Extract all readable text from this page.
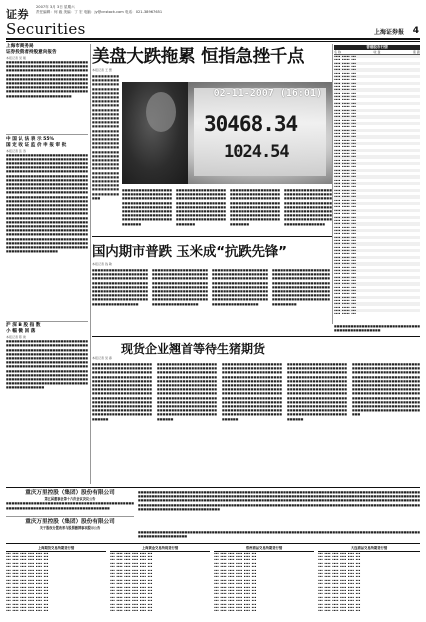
证券
2007年 3月 3日 星期六
责任编辑：何 毅 美编：丁 宏 电脑：jy@cnstock.com 电话：021-38967651
Securities	上海证券报 4
上海市商务局
证券投资者持股意向报告
本报记者 吴 刚
■■■■■■■■■■■■■■■■■■■■■■■■■■■■■■■■■■■■■■■■■■■■■■■■■■■■■■■■■■■■■■■■■■■■■■■■■■■■■■■■■■■■■■■■■■■■■■■■■■■■■■■■■■■■■■■■■■■■■■■■■■■■■■■■■■■■■■■■■■■■■■■■■■■■■■■■■■■■■■■■■■■■■■■■■■■■■■■■■■■■■■■■■■■■■■■■■■■■■■■■■■■■■■■■■■■■■■■■■■■■■■■■■■■■■■■■■■■■■■■■■■■■■■■■■■■■■■■■■■■■■■■■
中 国 认 法 表 示 55%
国 定 收 证 监 价 申 报 审 批
本报记者 张 涛
■■■■■■■■■■■■■■■■■■■■■■■■■■■■■■■■■■■■■■■■■■■■■■■■■■■■■■■■■■■■■■■■■■■■■■■■■■■■■■■■■■■■■■■■■■■■■■■■■■■■■■■■■■■■■■■■■■■■■■■■■■■■■■■■■■■■■■■■■■■■■■■■■■■■■■■■■■■■■■■■■■■■■■■■■■■■■■■■■■■■■■■■■■■■■■■■■■■■■■■■■■■■■■■■■■■■■■■■■■■■■■■■■■■■■■■■■■■■■■■■■■■■■■■■■■■■■■■■■■■■■■■■■■■■■■■■■■■■■■■■■■■■■■■■■■■■■■■■■■■■■■■■■■■■■■■■■■■■■■■■■■■■■■■■■■■■■■■■■■■■■■■■■■■■■■■■■■■■■■■■■■■■■■■■■■■■■■■■■■■■■■■■■■■■■■■■■■■■■■■■■■■■■■■■■■■■■■■■■■■■■■■■■■■■■■■■■■■■■■■■■■■■■■■■■■■■■■■■■■■■■■■■■■■■■■■■■■■■■■■■■■■■■■■■■■■■■■■■■■■■■■■■■■■■■■■■■■■■■■■■■■■■■■■■■■■■■■■■■■■■■■■■■■■■■■■■■■■■■■■■■■■■■■■■■■■■■■■■■■■■■■■■■■■■■■■■■■■■■■■■■■■■■■■■■■■■■■■■■■■■■■■■■■■■■■■■■■■■■■■■■■■■■■■■■■■■■■■■■■■■■■■■■■■■■■■■■■■■■■■■■■■■■■■■■■■■■■■■■■■■■■■■■■■■■
沪 深 B 股 指 数
小 幅 微 回 落
本报记者 陈 建
■■■■■■■■■■■■■■■■■■■■■■■■■■■■■■■■■■■■■■■■■■■■■■■■■■■■■■■■■■■■■■■■■■■■■■■■■■■■■■■■■■■■■■■■■■■■■■■■■■■■■■■■■■■■■■■■■■■■■■■■■■■■■■■■■■■■■■■■■■■■■■■■■■■■■■■■■■■■■■■■■■■■■■■■■■■■■■■■■■■■■■■■■■■■■■■■■■■■■■■■■■■■■■■■■■■■■■■■■■■■■■■■■■■■■■■■■■■■■■■■■■■■■■■■■■■■■■■■■■■■■■■■■■■■■■■■■■■■■■■■■■■■■■■■■■■■■■■■■■■■■■■■■■■■■■■■■■■■■■■■■■■■■■■■■■■■■■■■■■■■■■■■
美盘大跌拖累 恒指急挫千点
本报记者 王 慧
■■■■■■■■■■■■■■■■■■■■■■■■■■■■■■■■■■■■■■■■■■■■■■■■■■■■■■■■■■■■■■■■■■■■■■■■■■■■■■■■■■■■■■■■■■■■■■■■■■■■■■■■■■■■■■■■■■■■■■■■■■■■■■■■■■■■■■■■■■■■■■■■■■■■■■■■■■■■■■■■■■■■■■■■■■■■■■■■■■■■■■■■■■■■■■■■■■■■■■■■■■■■■■■■■■■■■■■■■■■■■■■■■■■■■■■■■■■■■■■■■■■■■■■■■■■■■■■■■■■■■■■■
02-11-2007 (16:01)
30468.34
1024.54
■■■■■■■■■■■■■■■■■■■■■■■■■■■■■■■■■■■■■■■■■■■■■■■■■■■■■■■■■■■■■■■■■■■■■■■■■■■■■■■■■■■■■■■■■■■■■■■■■■■■■■■■■■■■■■■■■■■■■■■■■■■■■■■■■■■■■■■■■■■■■■■■■■■■■■■
■■■■■■■■■■■■■■■■■■■■■■■■■■■■■■■■■■■■■■■■■■■■■■■■■■■■■■■■■■■■■■■■■■■■■■■■■■■■■■■■■■■■■■■■■■■■■■■■■■■■■■■■■■■■■■■■■■■■■■■■■■■■■■■■■■■■■■■■■■■■■■■■■■■■■■■
■■■■■■■■■■■■■■■■■■■■■■■■■■■■■■■■■■■■■■■■■■■■■■■■■■■■■■■■■■■■■■■■■■■■■■■■■■■■■■■■■■■■■■■■■■■■■■■■■■■■■■■■■■■■■■■■■■■■■■■■■■■■■■■■■■■■■■■■■■■■■■■■■■■■■■■
■■■■■■■■■■■■■■■■■■■■■■■■■■■■■■■■■■■■■■■■■■■■■■■■■■■■■■■■■■■■■■■■■■■■■■■■■■■■■■■■■■■■■■■■■■■■■■■■■■■■■■■■■■■■■■■■■■■■■■■■■■■■■■■■■■■■■■■■■■■■■■■■■■■■■■■
香港股市行情
名 称	收 盘	涨 跌
▪▪▪▪ ▪▪▪▪▪ ▪▪▪
▪▪▪▪ ▪▪▪▪▪ ▪▪▪
▪▪▪▪ ▪▪▪▪▪ ▪▪▪
▪▪▪▪ ▪▪▪▪▪ ▪▪▪
▪▪▪▪ ▪▪▪▪▪ ▪▪▪
▪▪▪▪ ▪▪▪▪▪ ▪▪▪
▪▪▪▪ ▪▪▪▪▪ ▪▪▪
▪▪▪▪ ▪▪▪▪▪ ▪▪▪
▪▪▪▪ ▪▪▪▪▪ ▪▪▪
▪▪▪▪ ▪▪▪▪▪ ▪▪▪
▪▪▪▪ ▪▪▪▪▪ ▪▪▪
▪▪▪▪ ▪▪▪▪▪ ▪▪▪
▪▪▪▪ ▪▪▪▪▪ ▪▪▪
▪▪▪▪ ▪▪▪▪▪ ▪▪▪
▪▪▪▪ ▪▪▪▪▪ ▪▪▪
▪▪▪▪ ▪▪▪▪▪ ▪▪▪
▪▪▪▪ ▪▪▪▪▪ ▪▪▪
▪▪▪▪ ▪▪▪▪▪ ▪▪▪
▪▪▪▪ ▪▪▪▪▪ ▪▪▪
▪▪▪▪ ▪▪▪▪▪ ▪▪▪
▪▪▪▪ ▪▪▪▪▪ ▪▪▪
▪▪▪▪ ▪▪▪▪▪ ▪▪▪
▪▪▪▪ ▪▪▪▪▪ ▪▪▪
▪▪▪▪ ▪▪▪▪▪ ▪▪▪
▪▪▪▪ ▪▪▪▪▪ ▪▪▪
▪▪▪▪ ▪▪▪▪▪ ▪▪▪
▪▪▪▪ ▪▪▪▪▪ ▪▪▪
▪▪▪▪ ▪▪▪▪▪ ▪▪▪
▪▪▪▪ ▪▪▪▪▪ ▪▪▪
▪▪▪▪ ▪▪▪▪▪ ▪▪▪
▪▪▪▪ ▪▪▪▪▪ ▪▪▪
▪▪▪▪ ▪▪▪▪▪ ▪▪▪
▪▪▪▪ ▪▪▪▪▪ ▪▪▪
▪▪▪▪ ▪▪▪▪▪ ▪▪▪
▪▪▪▪ ▪▪▪▪▪ ▪▪▪
▪▪▪▪ ▪▪▪▪▪ ▪▪▪
▪▪▪▪ ▪▪▪▪▪ ▪▪▪
▪▪▪▪ ▪▪▪▪▪ ▪▪▪
▪▪▪▪ ▪▪▪▪▪ ▪▪▪
▪▪▪▪ ▪▪▪▪▪ ▪▪▪
▪▪▪▪ ▪▪▪▪▪ ▪▪▪
▪▪▪▪ ▪▪▪▪▪ ▪▪▪
▪▪▪▪ ▪▪▪▪▪ ▪▪▪
▪▪▪▪ ▪▪▪▪▪ ▪▪▪
▪▪▪▪ ▪▪▪▪▪ ▪▪▪
▪▪▪▪ ▪▪▪▪▪ ▪▪▪
▪▪▪▪ ▪▪▪▪▪ ▪▪▪
▪▪▪▪ ▪▪▪▪▪ ▪▪▪
▪▪▪▪ ▪▪▪▪▪ ▪▪▪
▪▪▪▪ ▪▪▪▪▪ ▪▪▪
▪▪▪▪ ▪▪▪▪▪ ▪▪▪
▪▪▪▪ ▪▪▪▪▪ ▪▪▪
▪▪▪▪ ▪▪▪▪▪ ▪▪▪
▪▪▪▪ ▪▪▪▪▪ ▪▪▪
▪▪▪▪ ▪▪▪▪▪ ▪▪▪
▪▪▪▪ ▪▪▪▪▪ ▪▪▪
▪▪▪▪ ▪▪▪▪▪ ▪▪▪
▪▪▪▪ ▪▪▪▪▪ ▪▪▪
▪▪▪▪ ▪▪▪▪▪ ▪▪▪
▪▪▪▪ ▪▪▪▪▪ ▪▪▪
▪▪▪▪ ▪▪▪▪▪ ▪▪▪
▪▪▪▪ ▪▪▪▪▪ ▪▪▪
▪▪▪▪ ▪▪▪▪▪ ▪▪▪
▪▪▪▪ ▪▪▪▪▪ ▪▪▪
▪▪▪▪ ▪▪▪▪▪ ▪▪▪
▪▪▪▪ ▪▪▪▪▪ ▪▪▪
▪▪▪▪ ▪▪▪▪▪ ▪▪▪
▪▪▪▪ ▪▪▪▪▪ ▪▪▪
▪▪▪▪ ▪▪▪▪▪ ▪▪▪
▪▪▪▪ ▪▪▪▪▪ ▪▪▪
▪▪▪▪ ▪▪▪▪▪ ▪▪▪
▪▪▪▪ ▪▪▪▪▪ ▪▪▪
▪▪▪▪ ▪▪▪▪▪ ▪▪▪
▪▪▪▪ ▪▪▪▪▪ ▪▪▪
▪▪▪▪ ▪▪▪▪▪ ▪▪▪
▪▪▪▪ ▪▪▪▪▪ ▪▪▪
▪▪▪▪ ▪▪▪▪▪ ▪▪▪
▪▪▪▪ ▪▪▪▪▪ ▪▪▪
国内期市普跌 玉米成“抗跌先锋”
本报记者 钱 敏
■■■■■■■■■■■■■■■■■■■■■■■■■■■■■■■■■■■■■■■■■■■■■■■■■■■■■■■■■■■■■■■■■■■■■■■■■■■■■■■■■■■■■■■■■■■■■■■■■■■■■■■■■■■■■■■■■■■■■■■■■■■■■■■■■■■■■■■■■■■■■■■■■■■■■■■■■■■■■■■■■■■■■■■■■■■■■■■■■
■■■■■■■■■■■■■■■■■■■■■■■■■■■■■■■■■■■■■■■■■■■■■■■■■■■■■■■■■■■■■■■■■■■■■■■■■■■■■■■■■■■■■■■■■■■■■■■■■■■■■■■■■■■■■■■■■■■■■■■■■■■■■■■■■■■■■■■■■■■■■■■■■■■■■■■■■■■■■■■■■■■■■■■■■■■■■■■■■
■■■■■■■■■■■■■■■■■■■■■■■■■■■■■■■■■■■■■■■■■■■■■■■■■■■■■■■■■■■■■■■■■■■■■■■■■■■■■■■■■■■■■■■■■■■■■■■■■■■■■■■■■■■■■■■■■■■■■■■■■■■■■■■■■■■■■■■■■■■■■■■■■■■■■■■■■■■■■■■■■■■■■■■■■■■■■■■■■
■■■■■■■■■■■■■■■■■■■■■■■■■■■■■■■■■■■■■■■■■■■■■■■■■■■■■■■■■■■■■■■■■■■■■■■■■■■■■■■■■■■■■■■■■■■■■■■■■■■■■■■■■■■■■■■■■■■■■■■■■■■■■■■■■■■■■■■■■■■■■■■■■■■■■■■■■■■■■■■■■■■■■■■■■■■■■■■■■
■■■■■■■■■■■■■■■■■■■■■■■■■■■■■■■■■■■■■■■■■■■■■■■■
现货企业翘首等待生猪期货
本报记者 吴 春
■■■■■■■■■■■■■■■■■■■■■■■■■■■■■■■■■■■■■■■■■■■■■■■■■■■■■■■■■■■■■■■■■■■■■■■■■■■■■■■■■■■■■■■■■■■■■■■■■■■■■■■■■■■■■■■■■■■■■■■■■■■■■■■■■■■■■■■■■■■■■■■■■■■■■■■■■■■■■■■■■■■■■■■■■■■■■■■■■■■■■■■■■■■■■■■■■■■■■■■■■■■■■■■■■■■■■■■■■■■■■■■■■■■■■■■■■■■■■■■■■■■■■■■■■■■■■■■■■■■■■■■■■■■■■■■■■■■■■■■
■■■■■■■■■■■■■■■■■■■■■■■■■■■■■■■■■■■■■■■■■■■■■■■■■■■■■■■■■■■■■■■■■■■■■■■■■■■■■■■■■■■■■■■■■■■■■■■■■■■■■■■■■■■■■■■■■■■■■■■■■■■■■■■■■■■■■■■■■■■■■■■■■■■■■■■■■■■■■■■■■■■■■■■■■■■■■■■■■■■■■■■■■■■■■■■■■■■■■■■■■■■■■■■■■■■■■■■■■■■■■■■■■■■■■■■■■■■■■■■■■■■■■■■■■■■■■■■■■■■■■■■■■■■■■■■■■■■■■■■
■■■■■■■■■■■■■■■■■■■■■■■■■■■■■■■■■■■■■■■■■■■■■■■■■■■■■■■■■■■■■■■■■■■■■■■■■■■■■■■■■■■■■■■■■■■■■■■■■■■■■■■■■■■■■■■■■■■■■■■■■■■■■■■■■■■■■■■■■■■■■■■■■■■■■■■■■■■■■■■■■■■■■■■■■■■■■■■■■■■■■■■■■■■■■■■■■■■■■■■■■■■■■■■■■■■■■■■■■■■■■■■■■■■■■■■■■■■■■■■■■■■■■■■■■■■■■■■■■■■■■■■■■■■■■■■■■■■■■■■
■■■■■■■■■■■■■■■■■■■■■■■■■■■■■■■■■■■■■■■■■■■■■■■■■■■■■■■■■■■■■■■■■■■■■■■■■■■■■■■■■■■■■■■■■■■■■■■■■■■■■■■■■■■■■■■■■■■■■■■■■■■■■■■■■■■■■■■■■■■■■■■■■■■■■■■■■■■■■■■■■■■■■■■■■■■■■■■■■■■■■■■■■■■■■■■■■■■■■■■■■■■■■■■■■■■■■■■■■■■■■■■■■■■■■■■■■■■■■■■■■■■■■■■■■■■■■■■■■■■■■■■■■■■■■■■■■■■■■■■
■■■■■■■■■■■■■■■■■■■■■■■■■■■■■■■■■■■■■■■■■■■■■■■■■■■■■■■■■■■■■■■■■■■■■■■■■■■■■■■■■■■■■■■■■■■■■■■■■■■■■■■■■■■■■■■■■■■■■■■■■■■■■■■■■■■■■■■■■■■■■■■■■■■■■■■■■■■■■■■■■■■■■■■■■■■■■■■■■■■■■■■■■■■■■■■■■■■■■■■■■■■■■■■■■■■■■■■■■■■■■■■■■■■■■■■■■■■■■■■■■■■■■■■■■■■■■■■■■■■■■■■■■■■■■■■■■■■■■■■■■■■■■■■■■■■
重庆万里控股（集团）股份有限公司
第五届董事会第十六次会议决议公告
■■■■■■■■■■■■■■■■■■■■■■■■■■■■■■■■■■■■■■■■■■■■■■■■■■■■■■■■■■■■■■■■■■■■■■■■■■■■■■■■■■■■
■■■■■■■■■■■■■■■■■■■■■■■■■■■■■■■■■■■■■■■■■■■■■■■■■■■■■■■■■■■■■■■■■■■■■■■■■■■■■■■■■■■■■■■■■■■■■■■■■■■■■■■■■■■■■■■■■■■■■■■■■■■■■■■■■■■■■■■■■■■■■■■■■■■■■■■■■■■■■■■■■■■■■■■■■■■■■■■■■■■■■■■■■■■■■■■■■■■■■■■■■■■■■■■■■■■■■■■■■■■■■■■■■■■■■■■■■■■■■■■■■■■■■■■■■■■■■■■■■■■■■■■■■■■■■■■■■■■■■■■■■■■■■■■■■■■■■■■■■■■■■■■■■■■■■■■■■■■■■■■■■■■■■■■■■■■■■■■■■■■■■■■■■■■■■■■■■■■■■■■■■■■■■■■■■■■■■■■■■■■■■■■■■■■■■■■■■■■■■■■■■■■■■■■■■■■■■■■■■■■■■■■■■■■■■■■■■■■■■■■■■■
重庆万里控股（集团）股份有限公司
关于股权分置改革与股票撤牌事项提示公告
■■■■■■■■■■■■■■■■■■■■■■■■■■■■■■■■■■■■■■■■■■■■■■■■■■■■■■■■■■■■■■■■■■■■■■■■■■■■■■■■■■■■■■■■■■■■■■■■■■■■■■■■■■■■■■■■■■■■■■■■■
上海期货交易所期货行情
▪▪▪ ▪▪▪▪ ▪▪▪▪ ▪▪▪▪ ▪▪▪▪ ▪▪▪
▪▪▪ ▪▪▪▪ ▪▪▪▪ ▪▪▪▪ ▪▪▪▪ ▪▪▪
▪▪▪ ▪▪▪▪ ▪▪▪▪ ▪▪▪▪ ▪▪▪▪ ▪▪▪
▪▪▪ ▪▪▪▪ ▪▪▪▪ ▪▪▪▪ ▪▪▪▪ ▪▪▪
▪▪▪ ▪▪▪▪ ▪▪▪▪ ▪▪▪▪ ▪▪▪▪ ▪▪▪
▪▪▪ ▪▪▪▪ ▪▪▪▪ ▪▪▪▪ ▪▪▪▪ ▪▪▪
▪▪▪ ▪▪▪▪ ▪▪▪▪ ▪▪▪▪ ▪▪▪▪ ▪▪▪
▪▪▪ ▪▪▪▪ ▪▪▪▪ ▪▪▪▪ ▪▪▪▪ ▪▪▪
▪▪▪ ▪▪▪▪ ▪▪▪▪ ▪▪▪▪ ▪▪▪▪ ▪▪▪
▪▪▪ ▪▪▪▪ ▪▪▪▪ ▪▪▪▪ ▪▪▪▪ ▪▪▪
▪▪▪ ▪▪▪▪ ▪▪▪▪ ▪▪▪▪ ▪▪▪▪ ▪▪▪
▪▪▪ ▪▪▪▪ ▪▪▪▪ ▪▪▪▪ ▪▪▪▪ ▪▪▪
▪▪▪ ▪▪▪▪ ▪▪▪▪ ▪▪▪▪ ▪▪▪▪ ▪▪▪
▪▪▪ ▪▪▪▪ ▪▪▪▪ ▪▪▪▪ ▪▪▪▪ ▪▪▪
▪▪▪ ▪▪▪▪ ▪▪▪▪ ▪▪▪▪ ▪▪▪▪ ▪▪▪
▪▪▪ ▪▪▪▪ ▪▪▪▪ ▪▪▪▪ ▪▪▪▪ ▪▪▪
▪▪▪ ▪▪▪▪ ▪▪▪▪ ▪▪▪▪ ▪▪▪▪ ▪▪▪
▪▪▪ ▪▪▪▪ ▪▪▪▪ ▪▪▪▪ ▪▪▪▪ ▪▪▪
上海黄金交易所现货行情
▪▪▪ ▪▪▪▪ ▪▪▪▪ ▪▪▪▪ ▪▪▪▪ ▪▪▪
▪▪▪ ▪▪▪▪ ▪▪▪▪ ▪▪▪▪ ▪▪▪▪ ▪▪▪
▪▪▪ ▪▪▪▪ ▪▪▪▪ ▪▪▪▪ ▪▪▪▪ ▪▪▪
▪▪▪ ▪▪▪▪ ▪▪▪▪ ▪▪▪▪ ▪▪▪▪ ▪▪▪
▪▪▪ ▪▪▪▪ ▪▪▪▪ ▪▪▪▪ ▪▪▪▪ ▪▪▪
▪▪▪ ▪▪▪▪ ▪▪▪▪ ▪▪▪▪ ▪▪▪▪ ▪▪▪
▪▪▪ ▪▪▪▪ ▪▪▪▪ ▪▪▪▪ ▪▪▪▪ ▪▪▪
▪▪▪ ▪▪▪▪ ▪▪▪▪ ▪▪▪▪ ▪▪▪▪ ▪▪▪
▪▪▪ ▪▪▪▪ ▪▪▪▪ ▪▪▪▪ ▪▪▪▪ ▪▪▪
▪▪▪ ▪▪▪▪ ▪▪▪▪ ▪▪▪▪ ▪▪▪▪ ▪▪▪
▪▪▪ ▪▪▪▪ ▪▪▪▪ ▪▪▪▪ ▪▪▪▪ ▪▪▪
▪▪▪ ▪▪▪▪ ▪▪▪▪ ▪▪▪▪ ▪▪▪▪ ▪▪▪
▪▪▪ ▪▪▪▪ ▪▪▪▪ ▪▪▪▪ ▪▪▪▪ ▪▪▪
▪▪▪ ▪▪▪▪ ▪▪▪▪ ▪▪▪▪ ▪▪▪▪ ▪▪▪
▪▪▪ ▪▪▪▪ ▪▪▪▪ ▪▪▪▪ ▪▪▪▪ ▪▪▪
▪▪▪ ▪▪▪▪ ▪▪▪▪ ▪▪▪▪ ▪▪▪▪ ▪▪▪
▪▪▪ ▪▪▪▪ ▪▪▪▪ ▪▪▪▪ ▪▪▪▪ ▪▪▪
▪▪▪ ▪▪▪▪ ▪▪▪▪ ▪▪▪▪ ▪▪▪▪ ▪▪▪
郑州商品交易所期货行情
▪▪▪ ▪▪▪▪ ▪▪▪▪ ▪▪▪▪ ▪▪▪▪ ▪▪▪
▪▪▪ ▪▪▪▪ ▪▪▪▪ ▪▪▪▪ ▪▪▪▪ ▪▪▪
▪▪▪ ▪▪▪▪ ▪▪▪▪ ▪▪▪▪ ▪▪▪▪ ▪▪▪
▪▪▪ ▪▪▪▪ ▪▪▪▪ ▪▪▪▪ ▪▪▪▪ ▪▪▪
▪▪▪ ▪▪▪▪ ▪▪▪▪ ▪▪▪▪ ▪▪▪▪ ▪▪▪
▪▪▪ ▪▪▪▪ ▪▪▪▪ ▪▪▪▪ ▪▪▪▪ ▪▪▪
▪▪▪ ▪▪▪▪ ▪▪▪▪ ▪▪▪▪ ▪▪▪▪ ▪▪▪
▪▪▪ ▪▪▪▪ ▪▪▪▪ ▪▪▪▪ ▪▪▪▪ ▪▪▪
▪▪▪ ▪▪▪▪ ▪▪▪▪ ▪▪▪▪ ▪▪▪▪ ▪▪▪
▪▪▪ ▪▪▪▪ ▪▪▪▪ ▪▪▪▪ ▪▪▪▪ ▪▪▪
▪▪▪ ▪▪▪▪ ▪▪▪▪ ▪▪▪▪ ▪▪▪▪ ▪▪▪
▪▪▪ ▪▪▪▪ ▪▪▪▪ ▪▪▪▪ ▪▪▪▪ ▪▪▪
▪▪▪ ▪▪▪▪ ▪▪▪▪ ▪▪▪▪ ▪▪▪▪ ▪▪▪
▪▪▪ ▪▪▪▪ ▪▪▪▪ ▪▪▪▪ ▪▪▪▪ ▪▪▪
▪▪▪ ▪▪▪▪ ▪▪▪▪ ▪▪▪▪ ▪▪▪▪ ▪▪▪
▪▪▪ ▪▪▪▪ ▪▪▪▪ ▪▪▪▪ ▪▪▪▪ ▪▪▪
▪▪▪ ▪▪▪▪ ▪▪▪▪ ▪▪▪▪ ▪▪▪▪ ▪▪▪
▪▪▪ ▪▪▪▪ ▪▪▪▪ ▪▪▪▪ ▪▪▪▪ ▪▪▪
大连商品交易所期货行情
▪▪▪ ▪▪▪▪ ▪▪▪▪ ▪▪▪▪ ▪▪▪▪ ▪▪▪
▪▪▪ ▪▪▪▪ ▪▪▪▪ ▪▪▪▪ ▪▪▪▪ ▪▪▪
▪▪▪ ▪▪▪▪ ▪▪▪▪ ▪▪▪▪ ▪▪▪▪ ▪▪▪
▪▪▪ ▪▪▪▪ ▪▪▪▪ ▪▪▪▪ ▪▪▪▪ ▪▪▪
▪▪▪ ▪▪▪▪ ▪▪▪▪ ▪▪▪▪ ▪▪▪▪ ▪▪▪
▪▪▪ ▪▪▪▪ ▪▪▪▪ ▪▪▪▪ ▪▪▪▪ ▪▪▪
▪▪▪ ▪▪▪▪ ▪▪▪▪ ▪▪▪▪ ▪▪▪▪ ▪▪▪
▪▪▪ ▪▪▪▪ ▪▪▪▪ ▪▪▪▪ ▪▪▪▪ ▪▪▪
▪▪▪ ▪▪▪▪ ▪▪▪▪ ▪▪▪▪ ▪▪▪▪ ▪▪▪
▪▪▪ ▪▪▪▪ ▪▪▪▪ ▪▪▪▪ ▪▪▪▪ ▪▪▪
▪▪▪ ▪▪▪▪ ▪▪▪▪ ▪▪▪▪ ▪▪▪▪ ▪▪▪
▪▪▪ ▪▪▪▪ ▪▪▪▪ ▪▪▪▪ ▪▪▪▪ ▪▪▪
▪▪▪ ▪▪▪▪ ▪▪▪▪ ▪▪▪▪ ▪▪▪▪ ▪▪▪
▪▪▪ ▪▪▪▪ ▪▪▪▪ ▪▪▪▪ ▪▪▪▪ ▪▪▪
▪▪▪ ▪▪▪▪ ▪▪▪▪ ▪▪▪▪ ▪▪▪▪ ▪▪▪
▪▪▪ ▪▪▪▪ ▪▪▪▪ ▪▪▪▪ ▪▪▪▪ ▪▪▪
▪▪▪ ▪▪▪▪ ▪▪▪▪ ▪▪▪▪ ▪▪▪▪ ▪▪▪
▪▪▪ ▪▪▪▪ ▪▪▪▪ ▪▪▪▪ ▪▪▪▪ ▪▪▪
